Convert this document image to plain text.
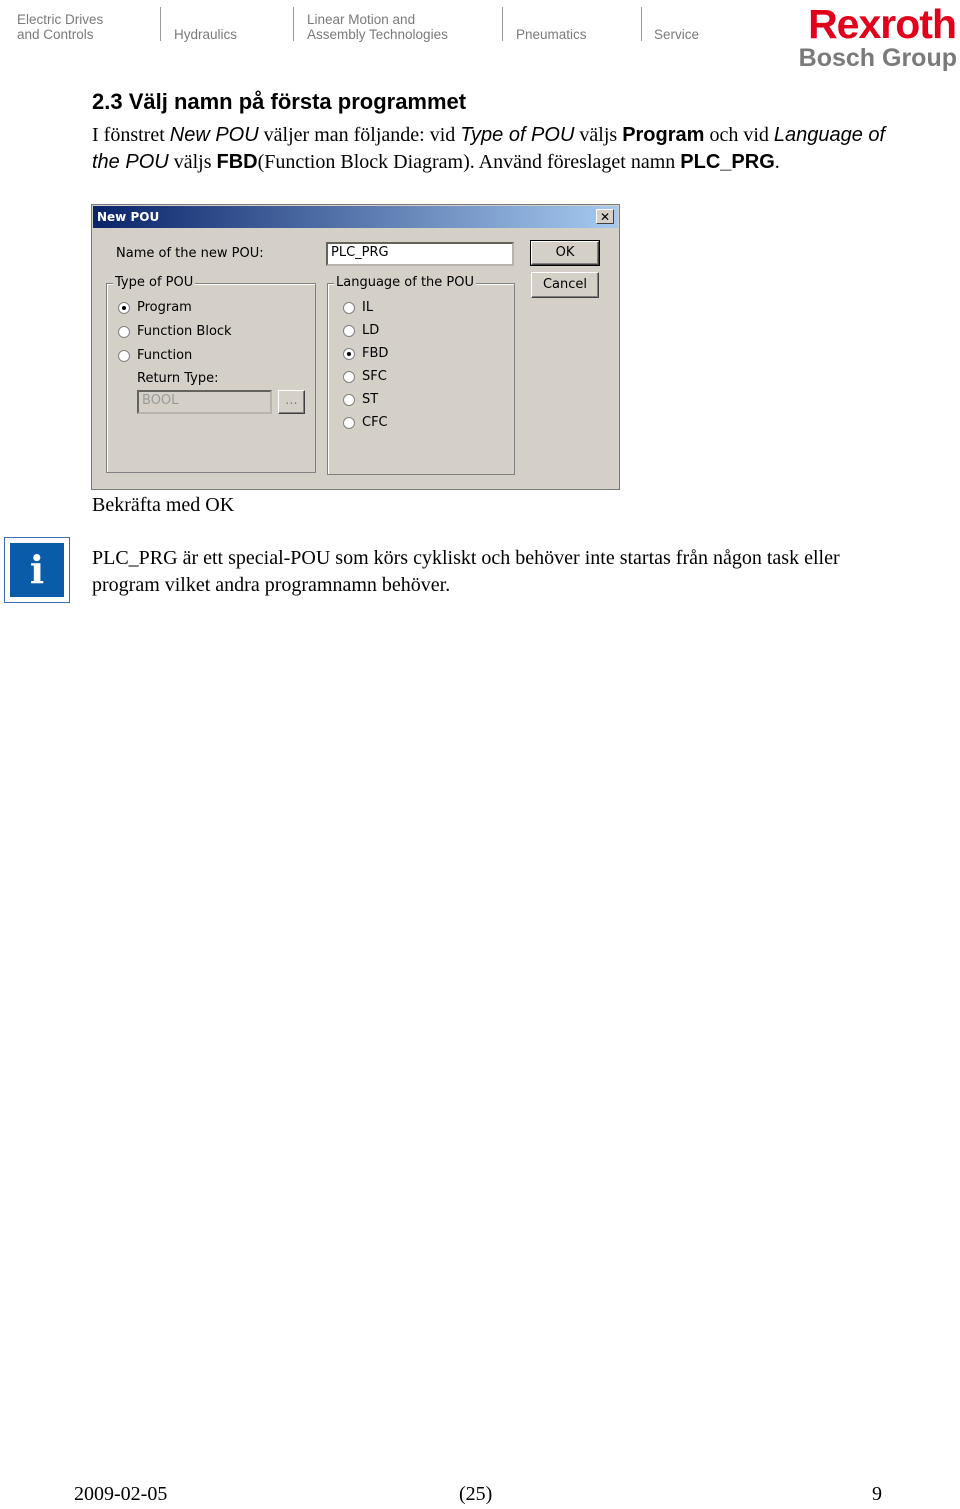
Electric Drives
and Controls	Hydraulics
Linear Motion and
Assembly Technologies	Pneumatics	Service	Rexroth
Bosch Group
2.3 Välj namn på första programmet
I fönstret New POU väljer man följande: vid Type of POU väljs Program och vid Language of the POU väljs FBD(Function Block Diagram). Använd föreslaget namn PLC_PRG.
New POU	✕
Name of the new POU:	PLC_PRG	OK
Cancel
Type of POU
Program
Function Block
Function
Return Type:
BOOL	...
Language of the POU
IL
LD
FBD
SFC
ST
CFC
Bekräfta med OK
i	PLC_PRG är ett special-POU som körs cykliskt och behöver inte startas från någon task eller program vilket andra programnamn behöver.
2009-02-05	(25)	9
